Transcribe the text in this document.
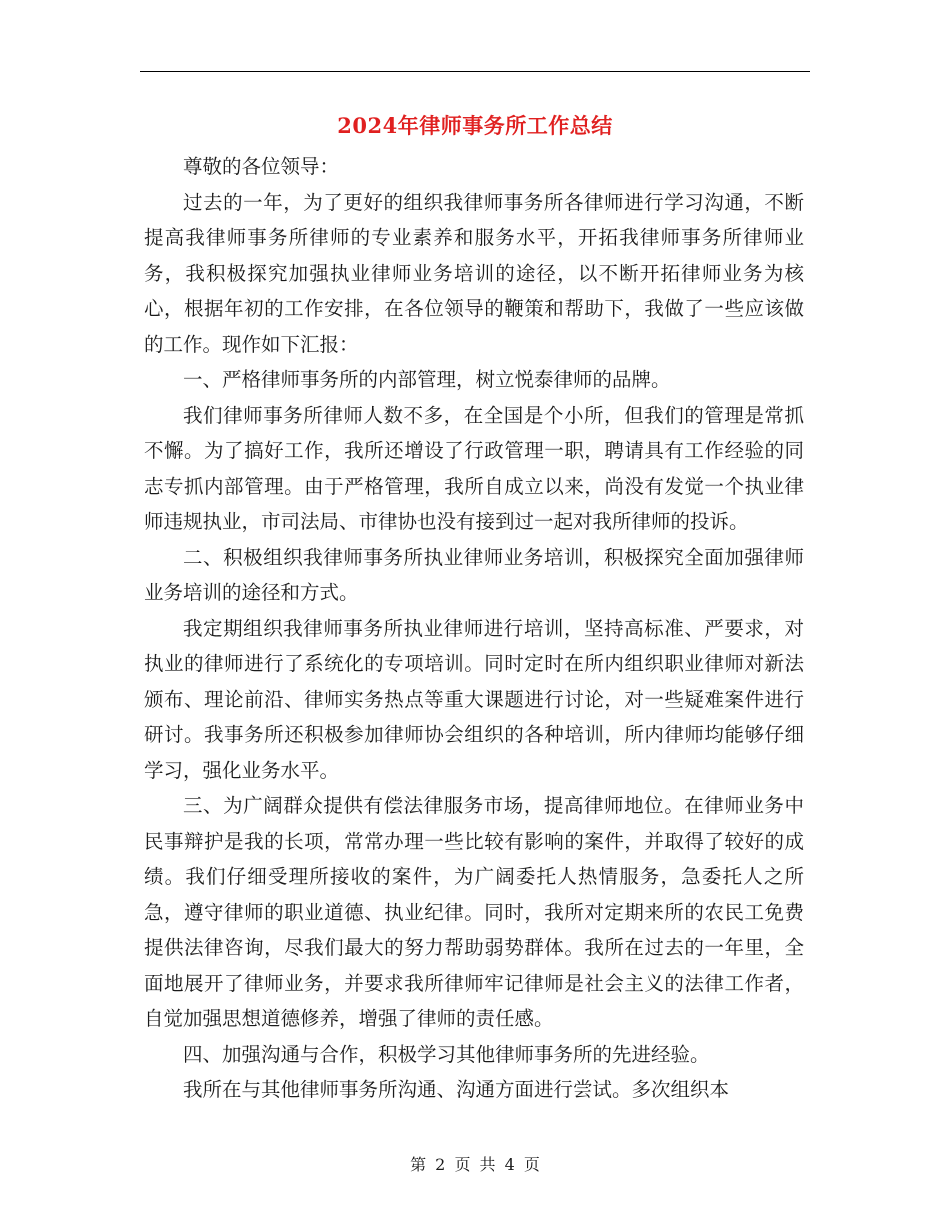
2024年律师事务所工作总结

尊敬的各位领导：

过去的一年，为了更好的组织我律师事务所各律师进行学习沟通，不断提高我律师事务所律师的专业素养和服务水平，开拓我律师事务所律师业务，我积极探究加强执业律师业务培训的途径，以不断开拓律师业务为核心，根据年初的工作安排，在各位领导的鞭策和帮助下，我做了一些应该做的工作。现作如下汇报：

一、严格律师事务所的内部管理，树立悦泰律师的品牌。

我们律师事务所律师人数不多，在全国是个小所，但我们的管理是常抓不懈。为了搞好工作，我所还增设了行政管理一职，聘请具有工作经验的同志专抓内部管理。由于严格管理，我所自成立以来，尚没有发觉一个执业律师违规执业，市司法局、市律协也没有接到过一起对我所律师的投诉。

二、积极组织我律师事务所执业律师业务培训，积极探究全面加强律师业务培训的途径和方式。

我定期组织我律师事务所执业律师进行培训，坚持高标准、严要求，对执业的律师进行了系统化的专项培训。同时定时在所内组织职业律师对新法颁布、理论前沿、律师实务热点等重大课题进行讨论，对一些疑难案件进行研讨。我事务所还积极参加律师协会组织的各种培训，所内律师均能够仔细学习，强化业务水平。

三、为广阔群众提供有偿法律服务市场，提高律师地位。在律师业务中民事辩护是我的长项，常常办理一些比较有影响的案件，并取得了较好的成绩。我们仔细受理所接收的案件，为广阔委托人热情服务，急委托人之所急，遵守律师的职业道德、执业纪律。同时，我所对定期来所的农民工免费提供法律咨询，尽我们最大的努力帮助弱势群体。我所在过去的一年里，全面地展开了律师业务，并要求我所律师牢记律师是社会主义的法律工作者，自觉加强思想道德修养，增强了律师的责任感。

四、加强沟通与合作，积极学习其他律师事务所的先进经验。

我所在与其他律师事务所沟通、沟通方面进行尝试。多次组织本

第 2 页 共 4 页
